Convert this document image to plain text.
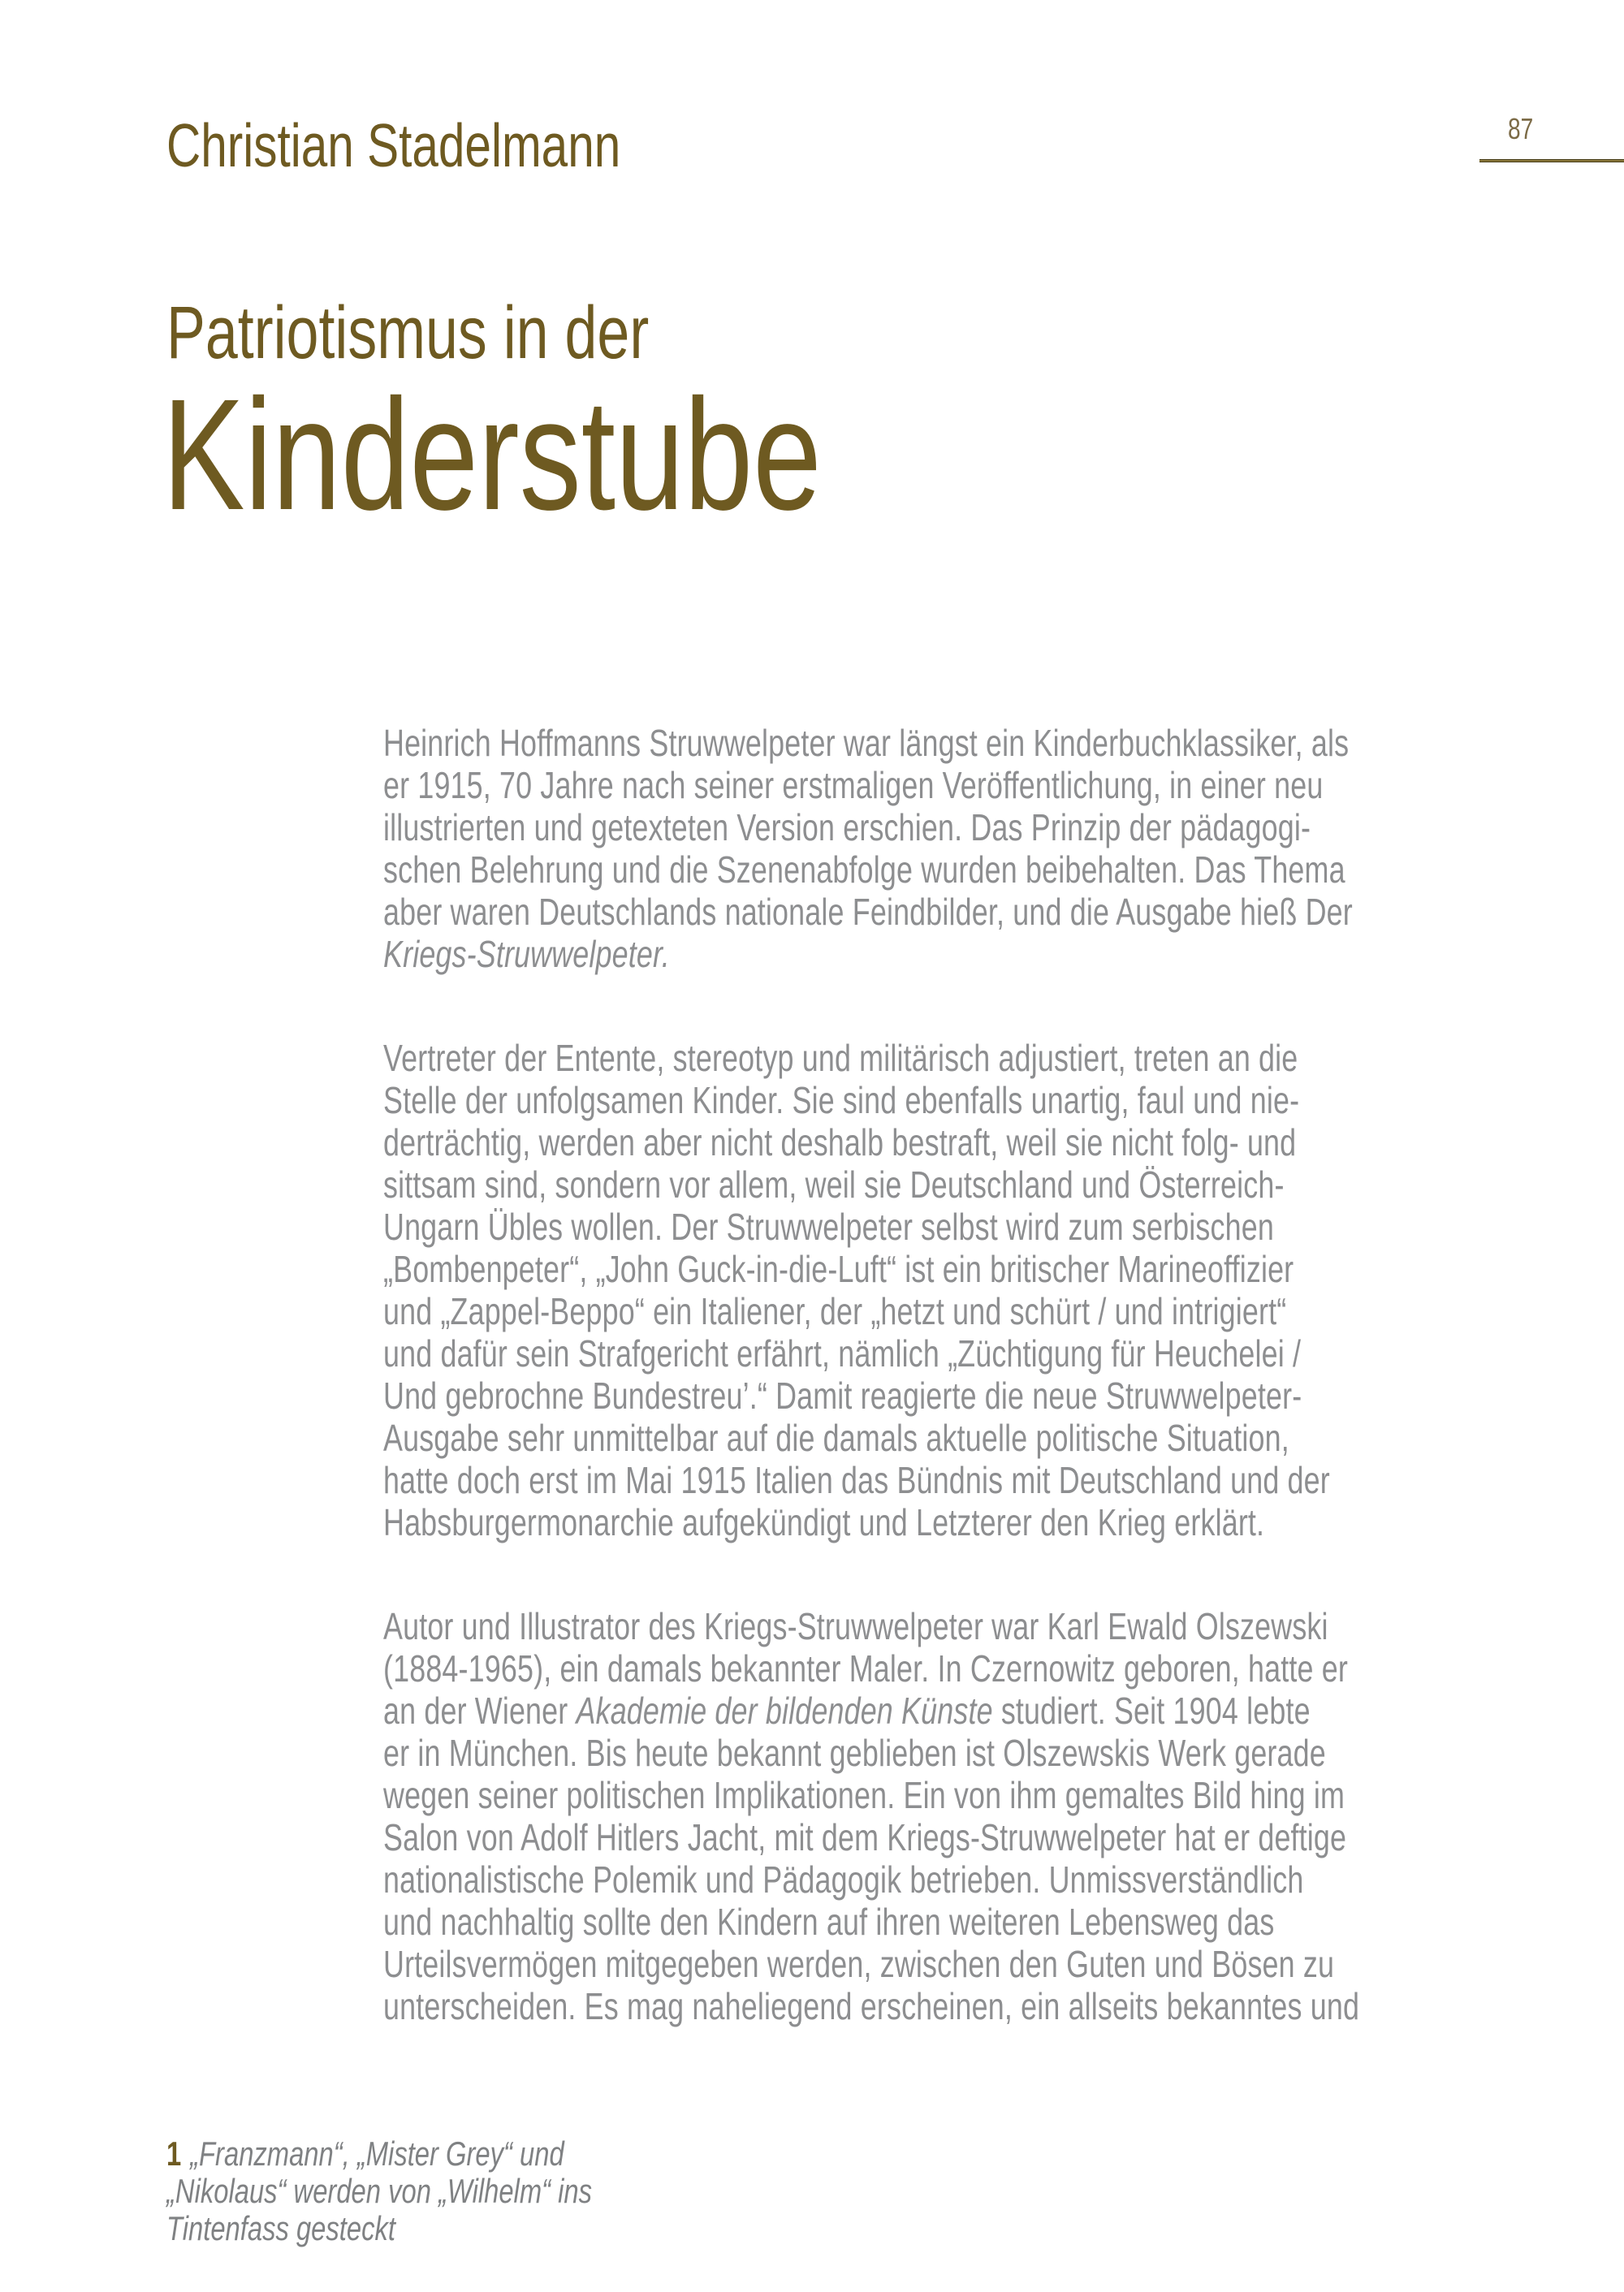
Christian Stadelmann	87
Patriotismus in der
Kinderstube
Heinrich Hoffmanns Struwwelpeter war längst ein Kinderbuchklassiker, als
er 1915, 70 Jahre nach seiner erstmaligen Veröffentlichung, in einer neu
illustrierten und getexteten Version erschien. Das Prinzip der pädagogi-
schen Belehrung und die Szenenabfolge wurden beibehalten. Das Thema
aber waren Deutschlands nationale Feindbilder, und die Ausgabe hieß Der
Kriegs-Struwwelpeter.
Vertreter der Entente, stereotyp und militärisch adjustiert, treten an die
Stelle der unfolgsamen Kinder. Sie sind ebenfalls unartig, faul und nie-
derträchtig, werden aber nicht deshalb bestraft, weil sie nicht folg- und
sittsam sind, sondern vor allem, weil sie Deutschland und Österreich-
Ungarn Übles wollen. Der Struwwelpeter selbst wird zum serbischen
„Bombenpeter“, „John Guck-in-die-Luft“ ist ein britischer Marineoffizier
und „Zappel-Beppo“ ein Italiener, der „hetzt und schürt / und intrigiert“
und dafür sein Strafgericht erfährt, nämlich „Züchtigung für Heuchelei /
Und gebrochne Bundestreu’.“ Damit reagierte die neue Struwwelpeter-
Ausgabe sehr unmittelbar auf die damals aktuelle politische Situation,
hatte doch erst im Mai 1915 Italien das Bündnis mit Deutschland und der
Habsburgermonarchie aufgekündigt und Letzterer den Krieg erklärt.
Autor und Illustrator des Kriegs-Struwwelpeter war Karl Ewald Olszewski
(1884-1965), ein damals bekannter Maler. In Czernowitz geboren, hatte er
an der Wiener Akademie der bildenden Künste studiert. Seit 1904 lebte
er in München. Bis heute bekannt geblieben ist Olszewskis Werk gerade
wegen seiner politischen Implikationen. Ein von ihm gemaltes Bild hing im
Salon von Adolf Hitlers Jacht, mit dem Kriegs-Struwwelpeter hat er deftige
nationalistische Polemik und Pädagogik betrieben. Unmissverständlich
und nachhaltig sollte den Kindern auf ihren weiteren Lebensweg das
Urteilsvermögen mitgegeben werden, zwischen den Guten und Bösen zu
unterscheiden. Es mag naheliegend erscheinen, ein allseits bekanntes und
1 „Franzmann“, „Mister Grey“ und
„Nikolaus“ werden von „Wilhelm“ ins
Tintenfass gesteckt
